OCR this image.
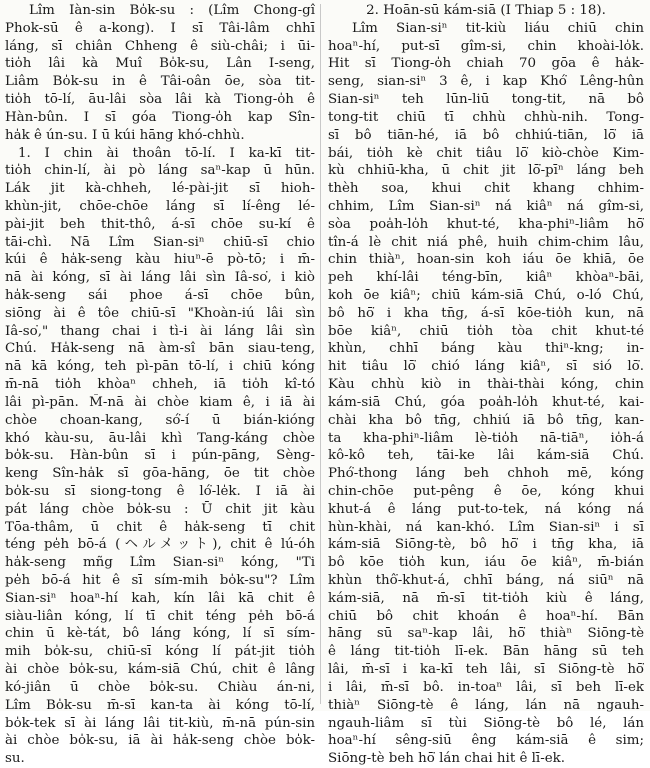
Lîm Iàn-sin Bo̍k-su : (Lîm Chong-gî
Phok-sū ê a-kong). I sī Tâi-lâm chhī
láng, sī chiân Chheng ê siù-châi; i ūi-
tio̍h lâi kà Muî Bo̍k-su, Lân I-seng,
Liâm Bo̍k-su in ê Tâi-oân ōe, sòa tit-
tio̍h tō-lí, āu-lâi sòa lâi kà Tiong-o̍h ê
Hàn-bûn. I sī góa Tiong-o̍h kap Sîn-
ha̍k ê ún-su. I ū kúi hāng khó-chhù.
1. I chin ài thoân tō-lí. I ka-kī tit-
tio̍h chin-lí, ài pò láng saⁿ-kap ū hūn.
Lák jit kà-chheh, lé-pài-jit sī hioh-
khùn-jit, chōe-chōe láng sī lí-êng lé-
pài-jit beh thit-thô, á-sī chōe su-kí ê
tāi-chì. Nā Lîm Sian-siⁿ chiū-sī chio
kúi ê ha̍k-seng kàu hiuⁿ-ē pò-tō; i m̄-
nā ài kóng, sī ài láng lâi sìn Iâ-so͘, i kiò
ha̍k-seng sái phoe á-sī chōe bûn,
siōng ài ê tôe chiū-sī "Khoàn-iú lâi sìn
Iâ-so͘," thang chai i tì-i ài láng lâi sìn
Chú. Ha̍k-seng nā àm-sî bān siau-teng,
nā kā kóng, teh pì-pān tō-lí, i chiū kóng
m̄-nā tio̍h khòaⁿ chheh, iā tio̍h kî-tó
lâi pì-pān. M̄-nā ài chòe kiam ê, i iā ài
chòe choan-kang, só͘-í ū bián-kióng
khó kàu-su, āu-lâi khì Tang-káng chòe
bo̍k-su. Hàn-bûn sī i pún-pāng, Sèng-
keng Sîn-ha̍k sī gōa-hāng, ōe tit chòe
bo̍k-su sī siong-tong ê ló͘-le̍k. I iā ài
pát láng chòe bo̍k-su : Ū chit jit kàu
Tōa-thâm, ū chit ê ha̍k-seng tī chit
téng pe̍h bō-á (ヘルメット), chit ê lú-óh
ha̍k-seng mñg Lîm Sian-siⁿ kóng, "Ti
pe̍h bō-á hit ê sī sím-mih bo̍k-su"? Lîm
Sian-siⁿ hoaⁿ-hí kah, kín lâi kā chit ê
siàu-liân kóng, lí tī chit téng pe̍h bō-á
chin ū kè-tát, bô láng kóng, lí sī sím-
mih bo̍k-su, chiū-sī kóng lí pát-jit tio̍h
ài chòe bo̍k-su, kám-siā Chú, chit ê lâng
kó-jiân ū chòe bo̍k-su. Chiàu án-ni,
Lîm Bo̍k-su m̄-sī kan-ta ài kóng tō-lí,
bo̍k-tek sī ài láng lâi tit-kiù, m̄-nā pún-sin
ài chòe bo̍k-su, iā ài ha̍k-seng chòe bo̍k-
su.
2. Hoān-sū kám-siā (I Thiap 5 : 18).
Lîm Sian-siⁿ tit-kiù liáu chiū chin
hoaⁿ-hí, put-sī gîm-si, chin khoài-lo̍k.
Hit sī Tiong-o̍h chiah 70 gōa ê ha̍k-
seng, sian-siⁿ 3 ê, i kap Khó͘ Lêng-hûn
Sian-siⁿ teh lūn-liū tong-tit, nā bô
tong-tit chiū tī chhù chhù-nih. Tong-
sī bô tiān-hé, iā bô chhiú-tiān, lō͘ iā
bái, tio̍h kè chit tiâu lō͘ kiò-chòe Kim-
kù chhiū-kha, ū chit jit lō͘-pīⁿ láng beh
thèh soa, khui chit khang chhim-
chhim, Lîm Sian-siⁿ ná kiâⁿ ná gîm-si,
sòa poa̍h-lo̍h khut-té, kha-phiⁿ-liâm hō͘
tîn-á lè chit niá phê, huih chim-chim lâu,
chin thiàⁿ, hoan-sin koh iáu ōe khiā, ōe
peh khí-lâi téng-bīn, kiâⁿ khòaⁿ-bāi,
koh ōe kiâⁿ; chiū kám-siā Chú, o-ló Chú,
bô hō͘ i kha tn̄g, á-sī kōe-tio̍h kun, nā
bōe kiâⁿ, chiū tio̍h tòa chit khut-té
khùn, chhī báng kàu thiⁿ-kng; in-
hit tiâu lō͘ chió láng kiâⁿ, sī sió lō͘.
Kàu chhù kiò in thài-thài kóng, chin
kám-siā Chú, góa poa̍h-lo̍h khut-té, kai-
chài kha bô tn̄g, chhiú iā bô tn̄g, kan-
ta kha-phiⁿ-liâm lè-tio̍h nā-tiāⁿ, io̍h-á
kô-kô teh, tāi-ke lâi kám-siā Chú.
Phó͘-thong láng beh chhoh mē, kóng
chin-chōe put-pêng ê ōe, kóng khui
khut-á ê láng put-to-tek, ná kóng ná
hùn-khài, ná kan-khó. Lîm Sian-siⁿ i sī
kám-siā Siōng-tè, bô hō͘ i tn̄g kha, iā
bô kōe tio̍h kun, iáu ōe kiâⁿ, m̄-bián
khùn thô͘-khut-á, chhī báng, ná siūⁿ nā
kám-siā, nā m̄-sī tit-tio̍h kiù ê láng,
chiū bô chit khoán ê hoaⁿ-hí. Bān
hāng sū saⁿ-kap lâi, hō͘ thiàⁿ Siōng-tè
ê láng tit-tio̍h lī-ek. Bān hāng sū teh
lâi, m̄-sī i ka-kī teh lâi, sī Siōng-tè hō͘
i lâi, m̄-sī bô. in-toaⁿ lâi, sī beh lī-ek
thiàⁿ Siōng-tè ê láng, lán nā ngauh-
ngauh-liâm sī tùi Siōng-tè bô lé, lán
hoaⁿ-hí sêng-siū êng kám-siā ê sim;
Siōng-tè beh hō͘ lán chai hit ê lī-ek.
